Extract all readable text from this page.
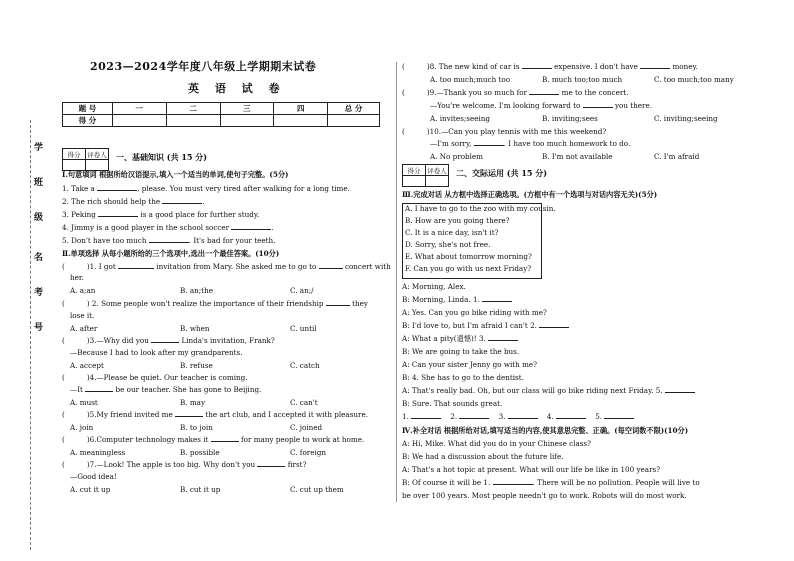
学
班
级
名
考
号
2023—2024学年度八年级上学期期末试卷
英 语 试 卷
题 号	一	二	三	四	总 分
得 分					
得分	评卷人
	一、基础知识 (共 15 分)
Ⅰ.句意填词 根据所给汉语提示,填入一个适当的单词,使句子完整。(5分)
1. Take a	, please. You must very tired after walking for a long time.
2. The rich should help the	.
3. Peking	is a good place for further study.
4. Jimmy is a good player in the school soccer	.
5. Don't have too much	. It's bad for your teeth.
Ⅱ.单项选择 从每小题所给的三个选项中,选出一个最佳答案。(10分)
(	)1. I got	invitation from Mary. She asked me to go to	concert with
her.
A. a;an	B. an;the	C. an;/
(	) 2. Some people won't realize the importance of their friendship	they
lose it.
A. after	B. when	C. until
(	)3.—Why did you	Linda's invitation, Frank?
—Because I had to look after my grandparents.
A. accept	B. refuse	C. catch
(	)4.—Please be quiet. Our teacher is coming.
—It	be our teacher. She has gone to Beijing.
A. must	B. may	C. can't
(	)5.My friend invited me	the art club, and I accepted it with pleasure.
A. join	B. to join	C. joined
(	)6.Computer technology makes it	for many people to work at home.
A. meaningless	B. possible	C. foreign
(	)7.—Look! The apple is too big. Why don't you	first?
—Good idea!
A. cut it up	B. cut it up	C. cut up them
(	)8. The new kind of car is	expensive. I don't have	money.
A. too much;much too	B. much too;too much	C. too much;too many
(	)9.—Thank you so much for	me to the concert.
—You're welcome. I'm looking forward to	you there.
A. invites;seeing	B. inviting;sees	C. inviting;seeing
(	)10.—Can you play tennis with me this weekend?
—I'm sorry,	. I have too much homework to do.
A. No problem	B. I'm not available	C. I'm afraid
得分	评卷人
	二、交际运用 (共 15 分)
Ⅲ.完成对话 从方框中选择正确选项。(方框中有一个选项与对话内容无关)(5分)
A. I have to go to the zoo with my cousin.
B. How are you going there?
C. It is a nice day, isn't it?
D. Sorry, she's not free.
E. What about tomorrow morning?
F. Can you go with us next Friday?
A: Morning, Alex.
B: Morning, Linda. 1.
A: Yes. Can you go bike riding with me?
B: I'd love to, but I'm afraid I can't 2.
A: What a pity(遗憾)! 3.
B: We are going to take the bus.
A: Can your sister Jenny go with me?
B: 4. She has to go to the dentist.
A: That's really bad. Oh, but our class will go bike riding next Friday. 5.
B: Sure. That sounds great.
1.	2.	3.	4.	5.
Ⅳ.补全对话 根据所给对话,填写适当的内容,使其意思完整、正确。(每空词数不限)(10分)
A: Hi, Mike. What did you do in your Chinese class?
B: We had a discussion about the future life.
A: That's a hot topic at present. What will our life be like in 100 years?
B: Of course it will be 1.	. There will be no pollution. People will live to
be over 100 years. Most people needn't go to work. Robots will do most work.
